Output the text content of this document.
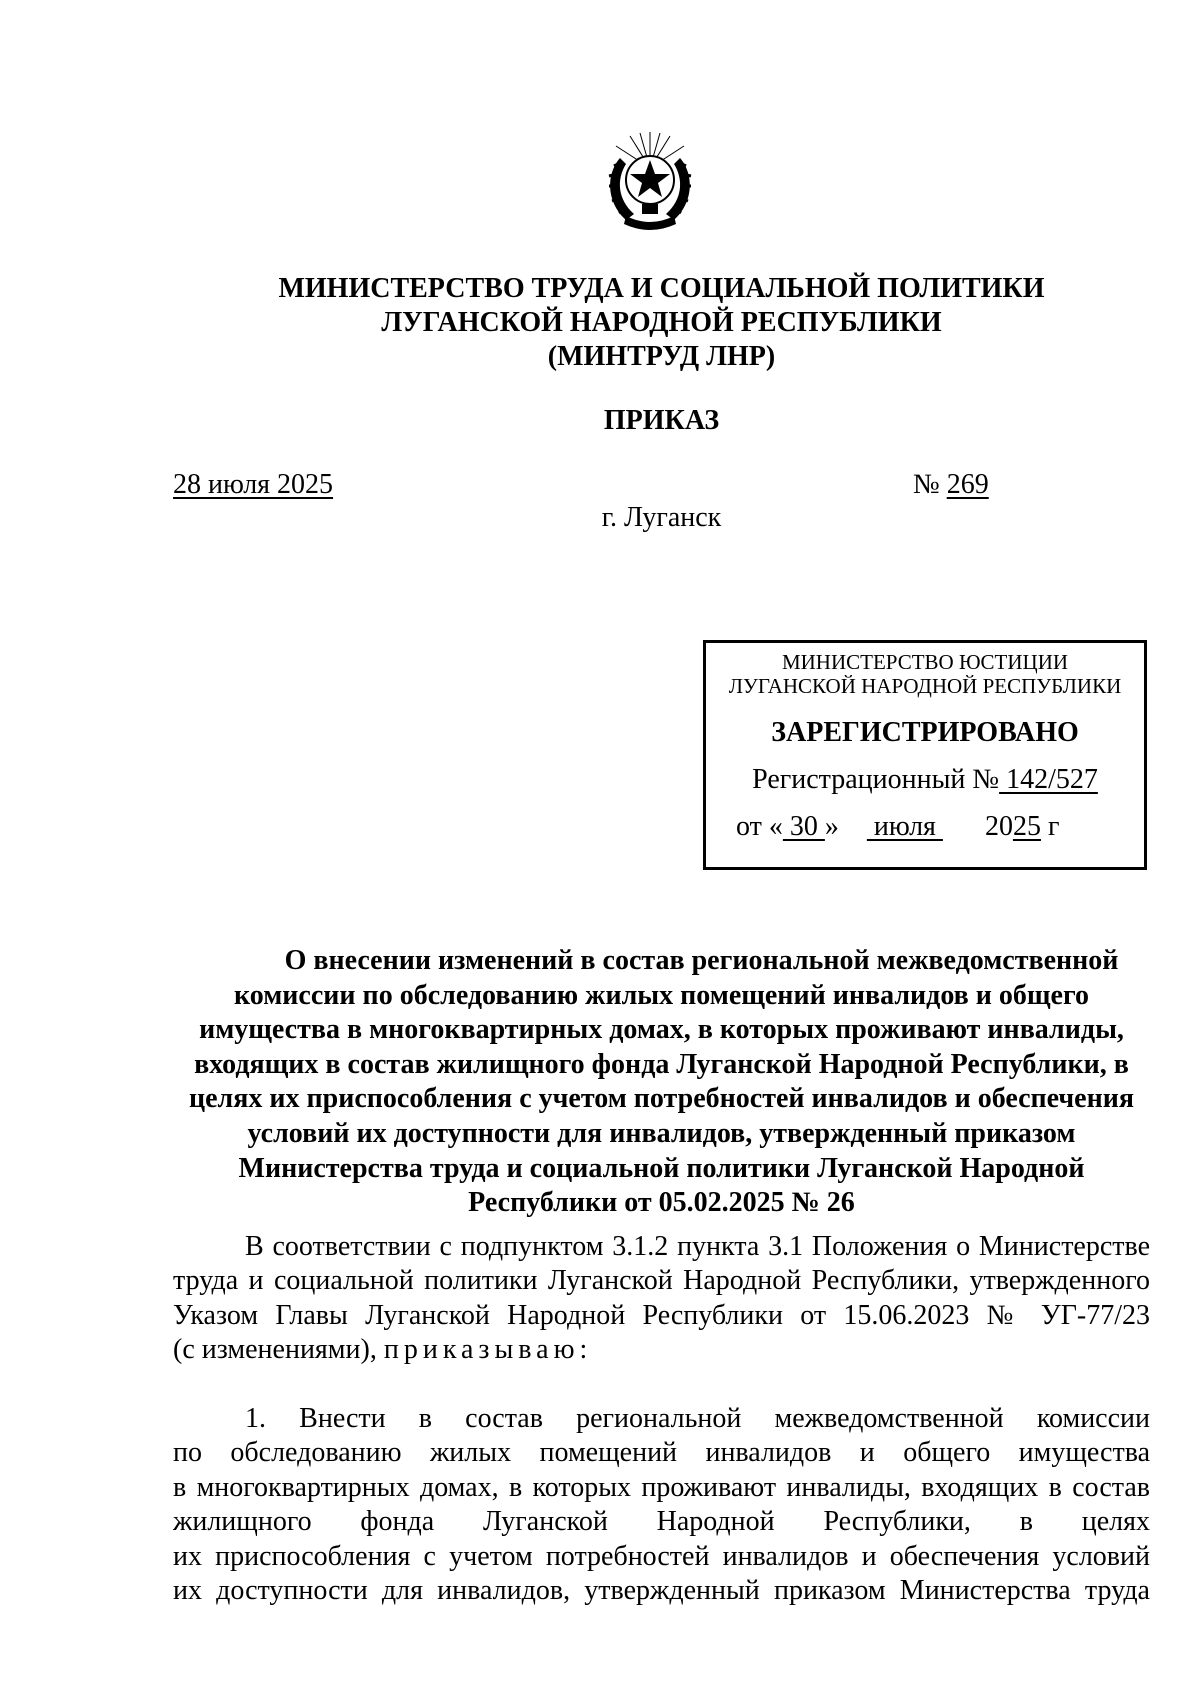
МИНИСТЕРСТВО ТРУДА И СОЦИАЛЬНОЙ ПОЛИТИКИ
ЛУГАНСКОЙ НАРОДНОЙ РЕСПУБЛИКИ
(МИНТРУД ЛНР)
ПРИКАЗ
28 июля 2025	№ 269
г. Луганск
МИНИСТЕРСТВО ЮСТИЦИИ
ЛУГАНСКОЙ НАРОДНОЙ РЕСПУБЛИКИ
ЗАРЕГИСТРИРОВАНО
Регистрационный № 142/527
от « 30 »     июля       2025 г
О внесении изменений в состав региональной межведомственной
комиссии по обследованию жилых помещений инвалидов и общего
имущества в многоквартирных домах, в которых проживают инвалиды,
входящих в состав жилищного фонда Луганской Народной Республики, в
целях их приспособления с учетом потребностей инвалидов и обеспечения
условий их доступности для инвалидов, утвержденный приказом
Министерства труда и социальной политики Луганской Народной
Республики от 05.02.2025 № 26
В соответствии с подпунктом 3.1.2 пункта 3.1 Положения о Министерстве
труда и социальной политики Луганской Народной Республики, утвержденного
Указом Главы Луганской Народной Республики от 15.06.2023 № УГ-77/23
(с изменениями), приказываю:
1. Внести в состав региональной межведомственной комиссии
по обследованию жилых помещений инвалидов и общего имущества
в многоквартирных домах, в которых проживают инвалиды, входящих в состав
жилищного фонда Луганской Народной Республики, в целях
их приспособления с учетом потребностей инвалидов и обеспечения условий
их доступности для инвалидов, утвержденный приказом Министерства труда
